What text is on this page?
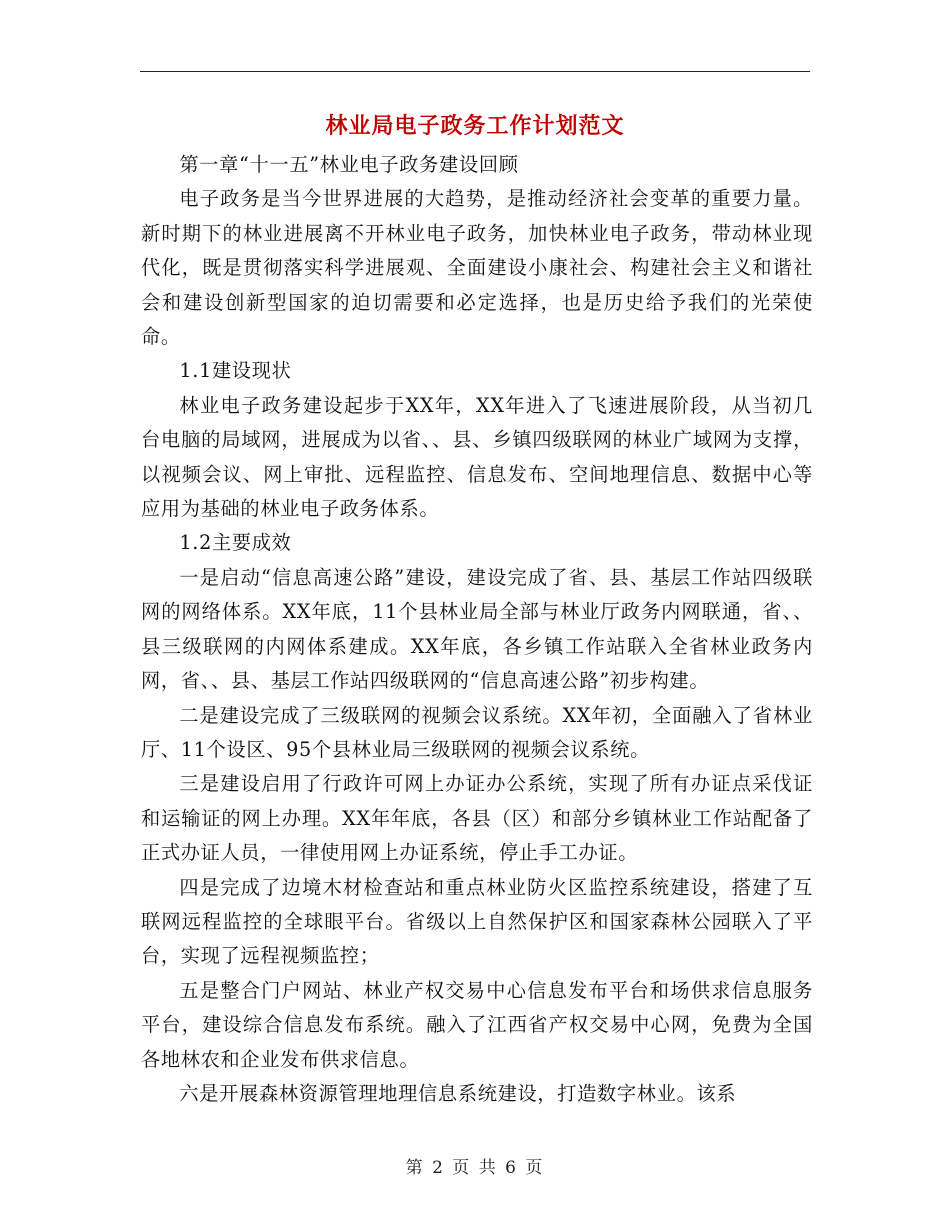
林业局电子政务工作计划范文

第一章“十一五”林业电子政务建设回顾

电子政务是当今世界进展的大趋势，是推动经济社会变革的重要力量。新时期下的林业进展离不开林业电子政务，加快林业电子政务，带动林业现代化，既是贯彻落实科学进展观、全面建设小康社会、构建社会主义和谐社会和建设创新型国家的迫切需要和必定选择，也是历史给予我们的光荣使命。

1.1建设现状

林业电子政务建设起步于XX年，XX年进入了飞速进展阶段，从当初几台电脑的局域网，进展成为以省、、县、乡镇四级联网的林业广域网为支撑，以视频会议、网上审批、远程监控、信息发布、空间地理信息、数据中心等应用为基础的林业电子政务体系。

1.2主要成效

一是启动“信息高速公路”建设，建设完成了省、县、基层工作站四级联网的网络体系。XX年底，11个县林业局全部与林业厅政务内网联通，省、、县三级联网的内网体系建成。XX年底，各乡镇工作站联入全省林业政务内网，省、、县、基层工作站四级联网的“信息高速公路”初步构建。

二是建设完成了三级联网的视频会议系统。XX年初，全面融入了省林业厅、11个设区、95个县林业局三级联网的视频会议系统。

三是建设启用了行政许可网上办证办公系统，实现了所有办证点采伐证和运输证的网上办理。XX年年底，各县（区）和部分乡镇林业工作站配备了正式办证人员，一律使用网上办证系统，停止手工办证。

四是完成了边境木材检查站和重点林业防火区监控系统建设，搭建了互联网远程监控的全球眼平台。省级以上自然保护区和国家森林公园联入了平台，实现了远程视频监控；

五是整合门户网站、林业产权交易中心信息发布平台和场供求信息服务平台，建设综合信息发布系统。融入了江西省产权交易中心网，免费为全国各地林农和企业发布供求信息。

六是开展森林资源管理地理信息系统建设，打造数字林业。该系

第 2 页 共 6 页
